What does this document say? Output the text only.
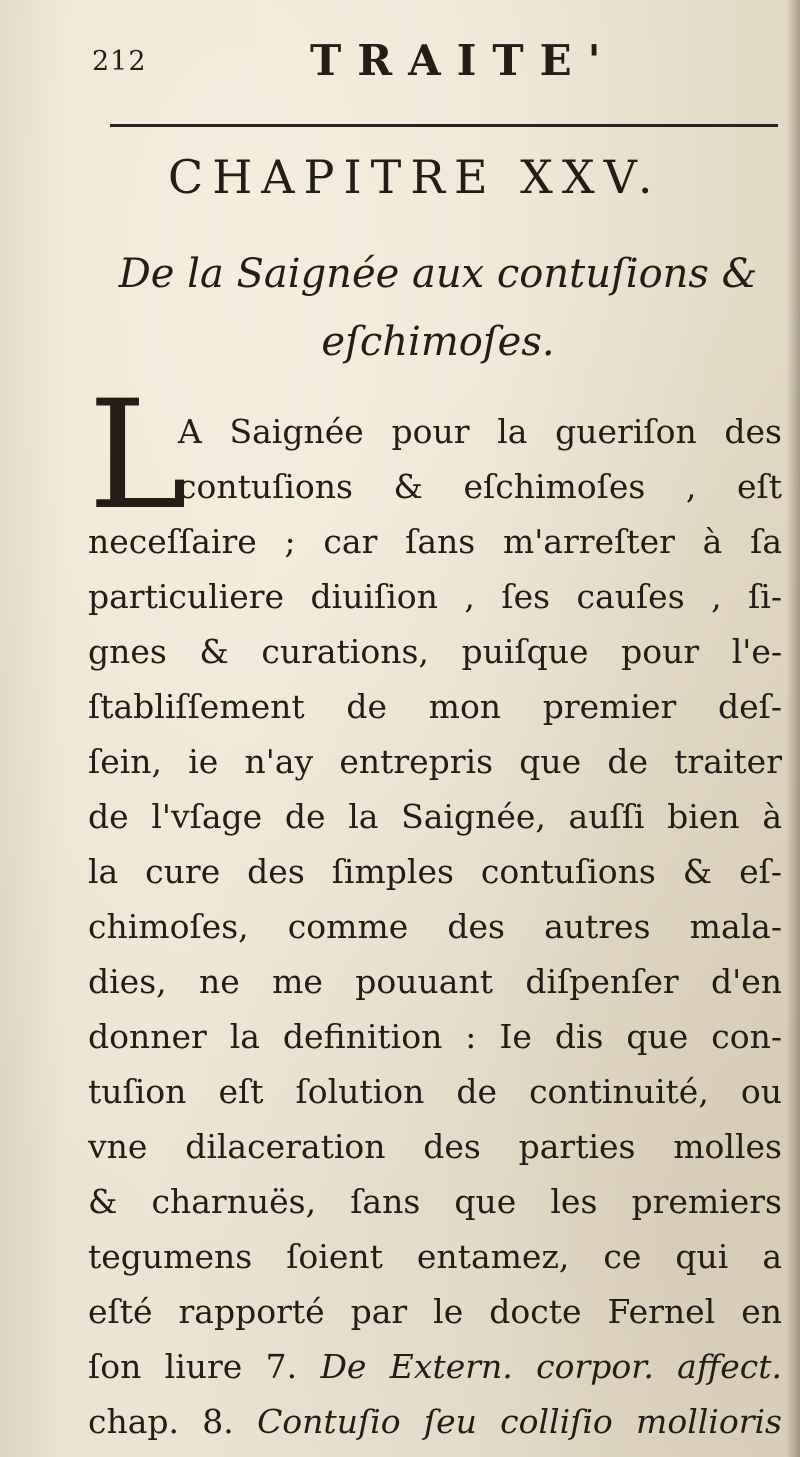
212	TRAITE'
CHAPITRE XXV.
De la Saignée aux contuſions &
eſchimoſes.
L
A Saignée pour la gueriſon des
contuſions & eſchimoſes , eſt
neceſſaire ; car ſans m'arreſter à ſa
particuliere diuiſion , ſes cauſes , ſi-
gnes & curations, puiſque pour l'e-
ſtabliſſement de mon premier deſ-
ſein, ie n'ay entrepris que de traiter
de l'vſage de la Saignée, auſſi bien à
la cure des ſimples contuſions & eſ-
chimoſes, comme des autres mala-
dies, ne me pouuant diſpenſer d'en
donner la definition : Ie dis que con-
tuſion eſt ſolution de continuité, ou
vne dilaceration des parties molles
& charnuës, ſans que les premiers
tegumens ſoient entamez, ce qui a
eſté rapporté par le docte Fernel en
ſon liure 7. De Extern. corpor. affect.
chap. 8. Contuſio ſeu colliſio mollioris
